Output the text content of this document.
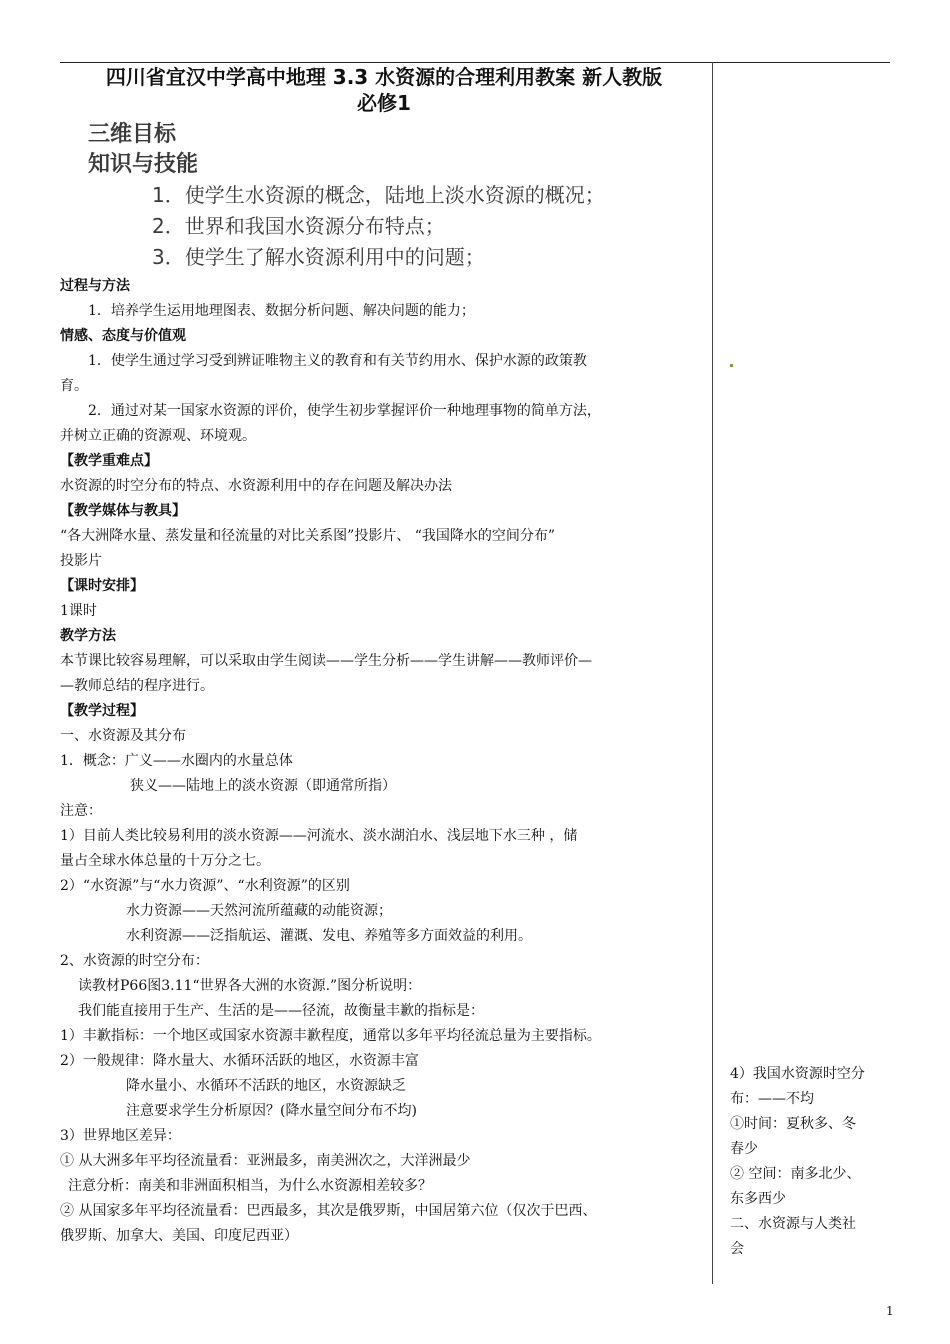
四川省宜汉中学高中地理 3.3 水资源的合理利用教案 新人教版
必修1
三维目标
知识与技能
1．使学生水资源的概念，陆地上淡水资源的概况；
2．世界和我国水资源分布特点；
3．使学生了解水资源利用中的问题；
过程与方法
1．培养学生运用地理图表、数据分析问题、解决问题的能力；
情感、态度与价值观
1．使学生通过学习受到辨证唯物主义的教育和有关节约用水、保护水源的政策教
育。
2．通过对某一国家水资源的评价，使学生初步掌握评价一种地理事物的简单方法，
并树立正确的资源观、环境观。
【教学重难点】
水资源的时空分布的特点、水资源利用中的存在问题及解决办法
【教学媒体与教具】
“各大洲降水量、蒸发量和径流量的对比关系图”投影片、 “我国降水的空间分布”
投影片
【课时安排】
1课时
教学方法
本节课比较容易理解，可以采取由学生阅读——学生分析——学生讲解——教师评价—
—教师总结的程序进行。
【教学过程】
一、水资源及其分布
1．概念：广义——水圈内的水量总体
狭义——陆地上的淡水资源（即通常所指）
注意：
1）目前人类比较易利用的淡水资源——河流水、淡水湖泊水、浅层地下水三种 ，储
量占全球水体总量的十万分之七。
2）“水资源”与“水力资源”、“水利资源”的区别
水力资源——天然河流所蕴藏的动能资源；
水利资源——泛指航运、灌溉、发电、养殖等多方面效益的利用。
2、水资源的时空分布：
读教材P66图3.11“世界各大洲的水资源.”图分析说明：
我们能直接用于生产、生活的是——径流，故衡量丰歉的指标是：
1）丰歉指标：一个地区或国家水资源丰歉程度，通常以多年平均径流总量为主要指标。
2）一般规律：降水量大、水循环活跃的地区，水资源丰富
降水量小、水循环不活跃的地区，水资源缺乏
注意要求学生分析原因？(降水量空间分布不均)
3）世界地区差异：
① 从大洲多年平均径流量看：亚洲最多，南美洲次之，大洋洲最少
注意分析：南美和非洲面积相当，为什么水资源相差较多？
② 从国家多年平均径流量看：巴西最多，其次是俄罗斯，中国居第六位（仅次于巴西、
俄罗斯、加拿大、美国、印度尼西亚）
4）我国水资源时空分
布：——不均
①时间：夏秋多、冬
春少
② 空间：南多北少、
东多西少
二、水资源与人类社
会
1
